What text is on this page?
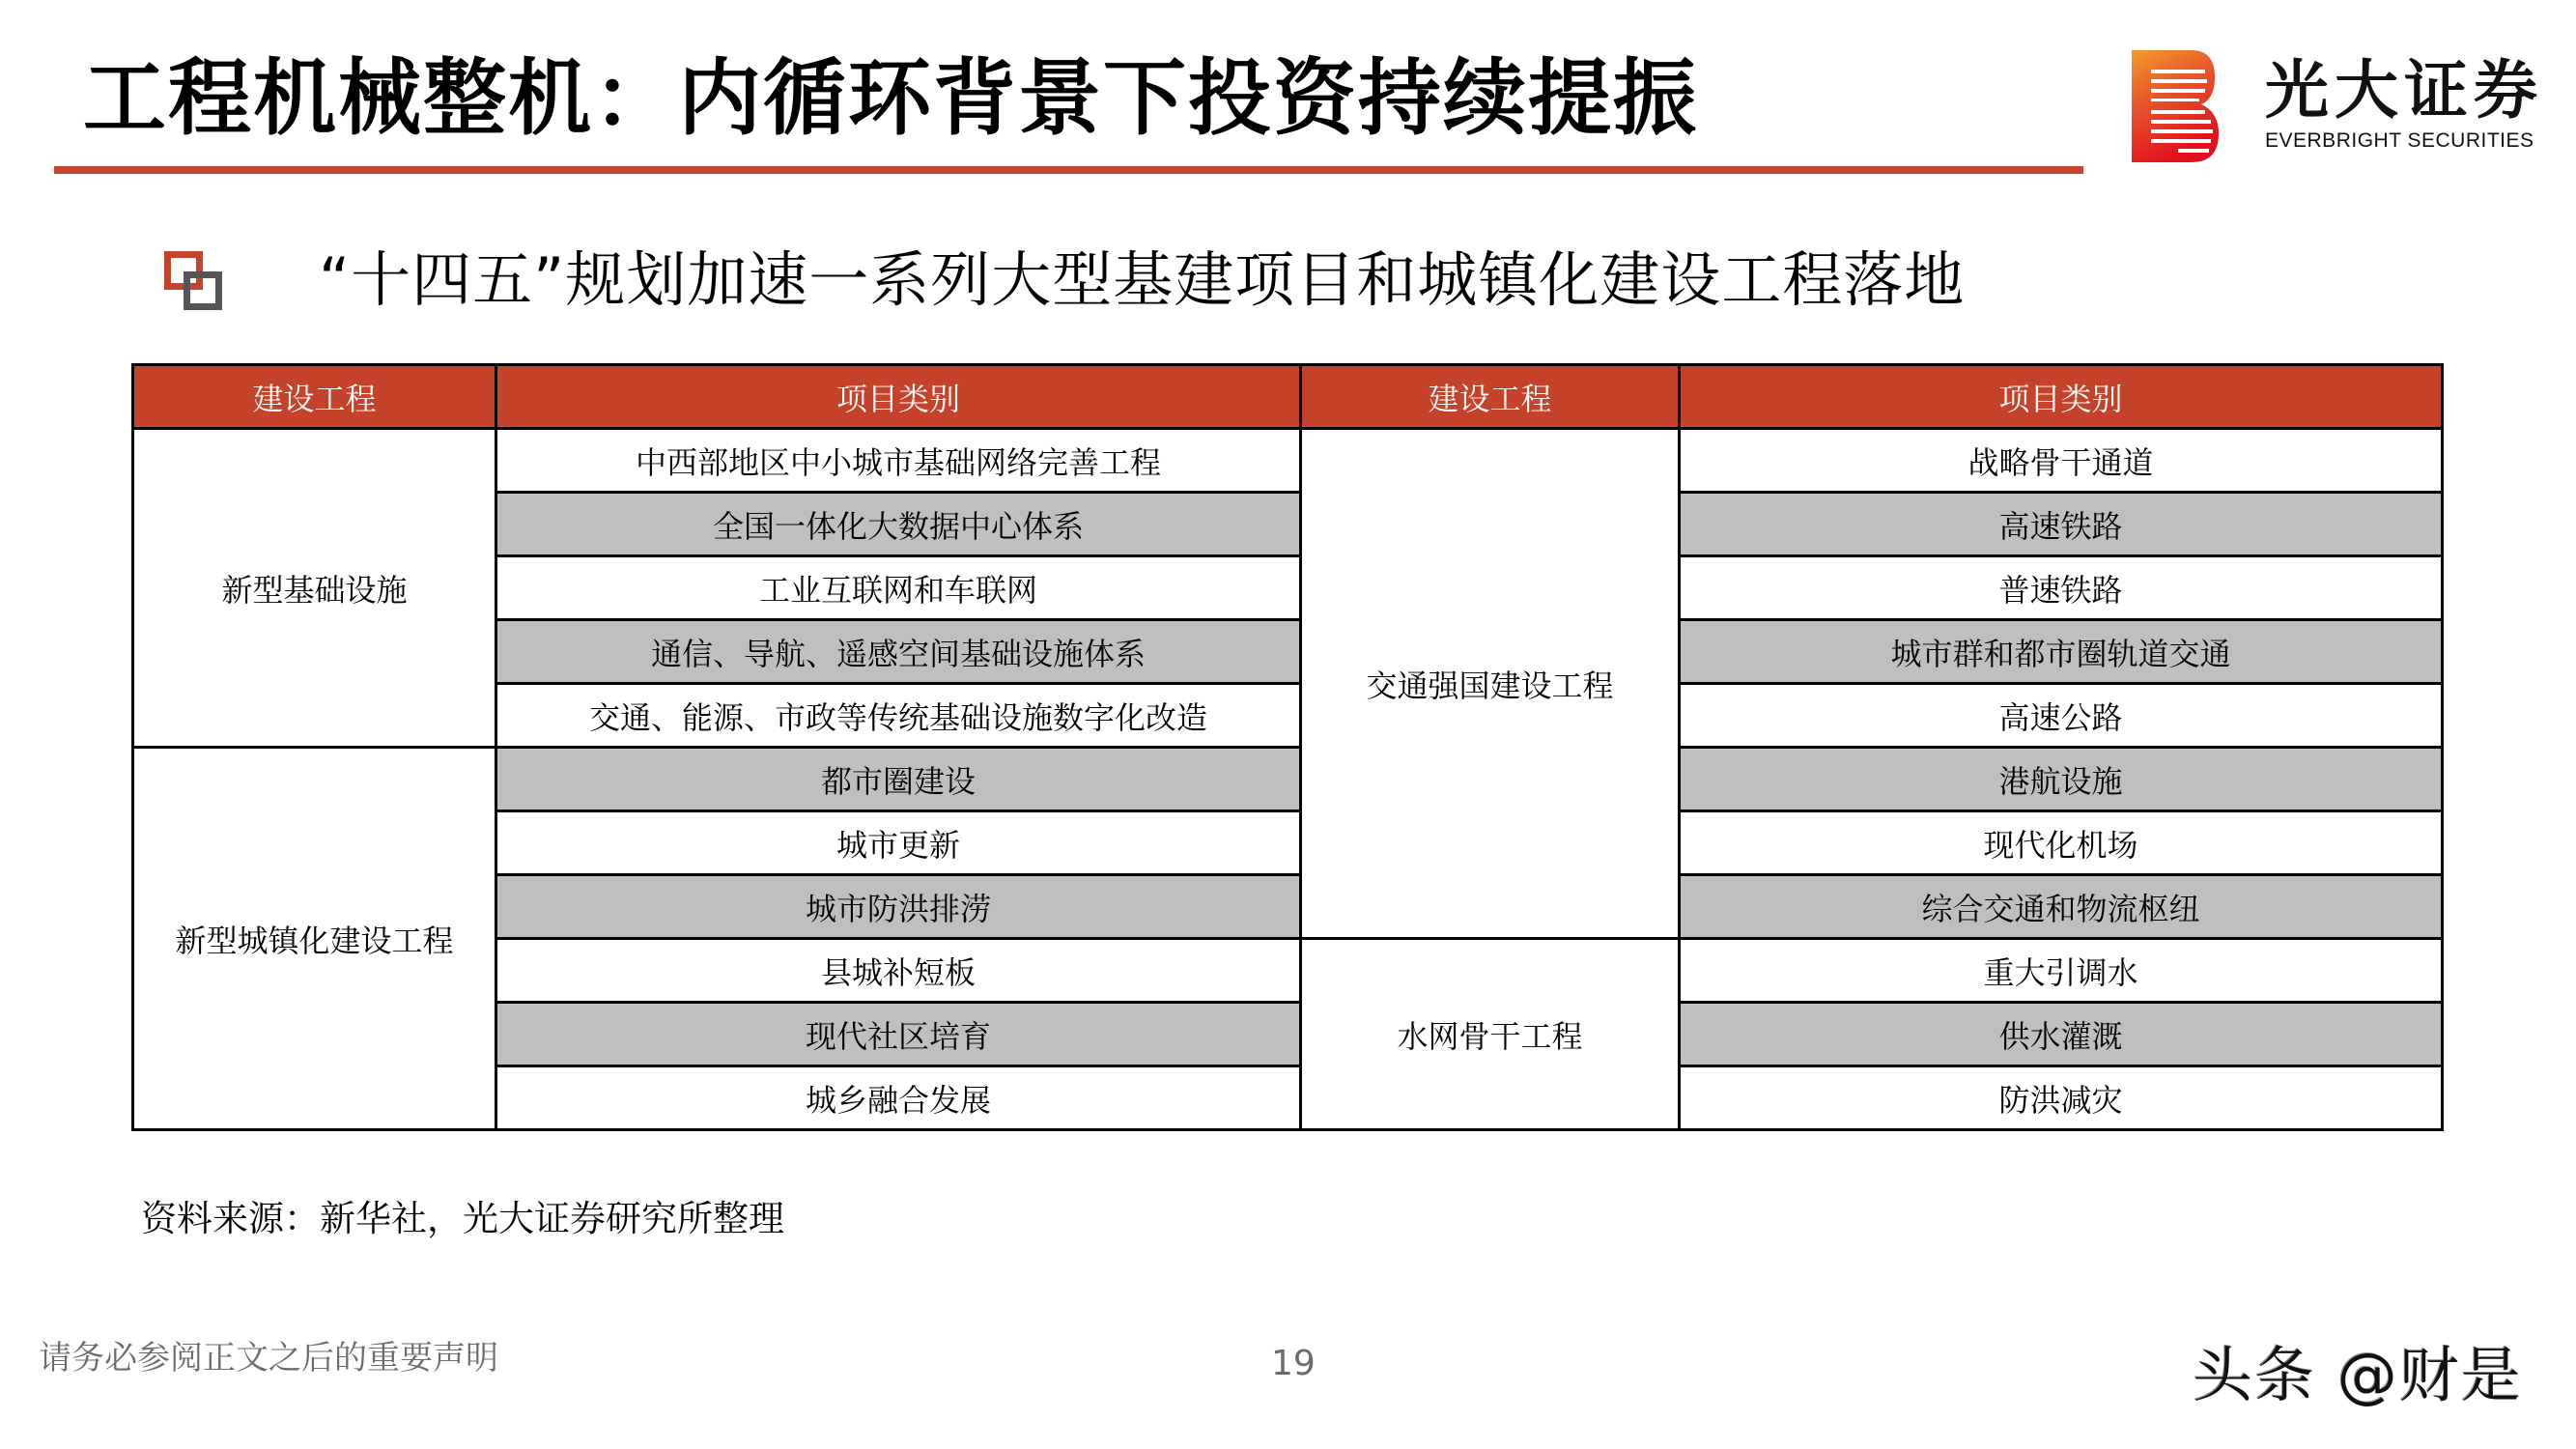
工程机械整机：内循环背景下投资持续提振	光大证券
EVERBRIGHT SECURITIES
“十四五”规划加速一系列大型基建项目和城镇化建设工程落地
建设工程	项目类别	建设工程	项目类别
新型基础设施	中西部地区中小城市基础网络完善工程	交通强国建设工程	战略骨干通道
	全国一体化大数据中心体系		高速铁路
	工业互联网和车联网		普速铁路
	通信、导航、遥感空间基础设施体系		城市群和都市圈轨道交通
	交通、能源、市政等传统基础设施数字化改造		高速公路
新型城镇化建设工程	都市圈建设		港航设施
	城市更新		现代化机场
	城市防洪排涝		综合交通和物流枢纽
	县城补短板	水网骨干工程	重大引调水
	现代社区培育		供水灌溉
	城乡融合发展		防洪减灾
资料来源：新华社，光大证券研究所整理
请务必参阅正文之后的重要声明	19	头条 @财是
